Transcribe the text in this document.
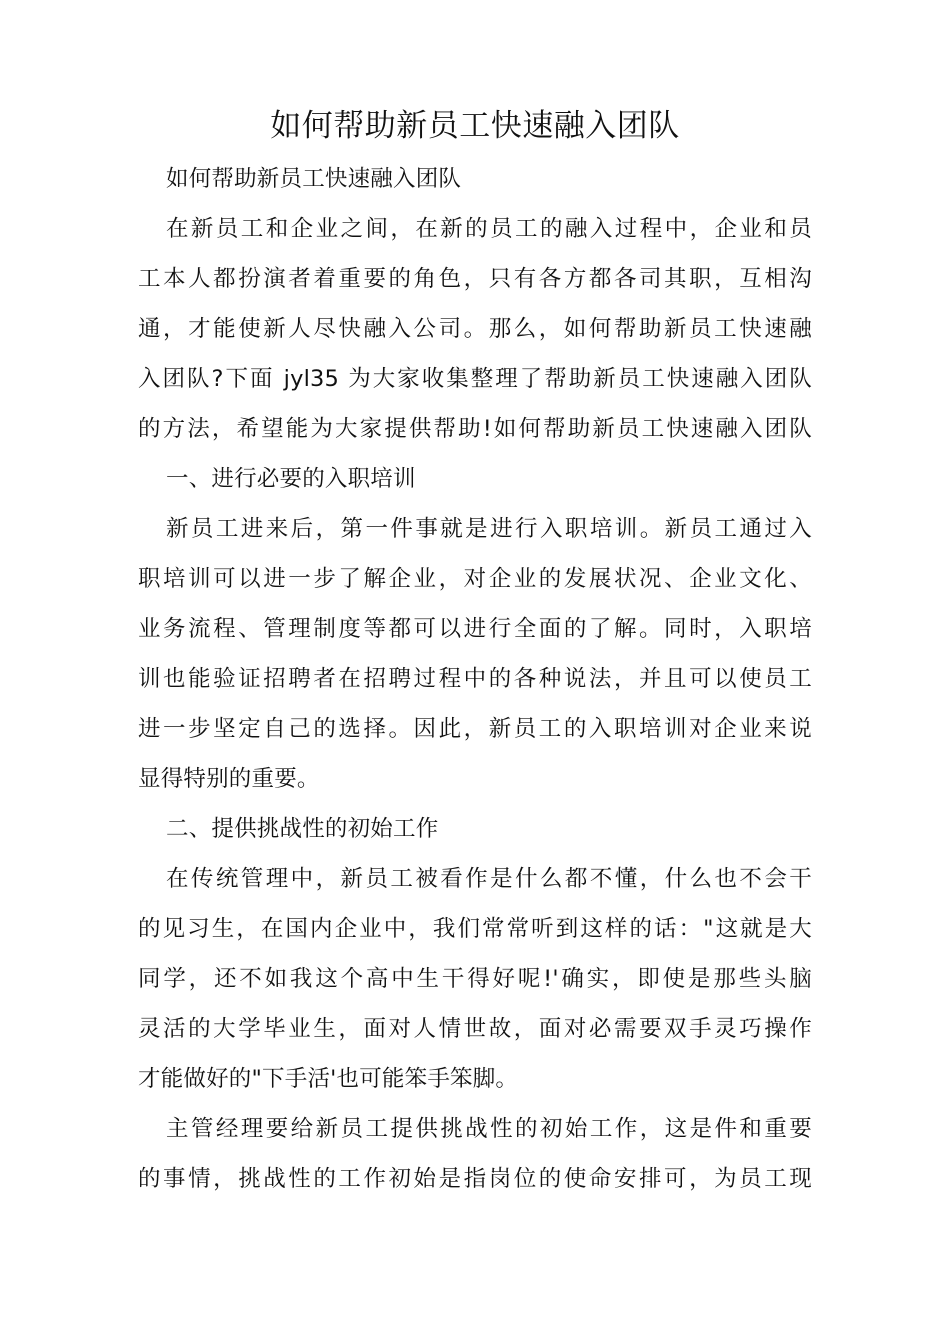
如何帮助新员工快速融入团队
如何帮助新员工快速融入团队
在新员工和企业之间，在新的员工的融入过程中，企业和员
工本人都扮演者着重要的角色，只有各方都各司其职，互相沟
通，才能使新人尽快融入公司。那么，如何帮助新员工快速融
入团队?下面 jyl35 为大家收集整理了帮助新员工快速融入团队
的方法，希望能为大家提供帮助!如何帮助新员工快速融入团队
一、进行必要的入职培训
新员工进来后，第一件事就是进行入职培训。新员工通过入
职培训可以进一步了解企业，对企业的发展状况、企业文化、
业务流程、管理制度等都可以进行全面的了解。同时，入职培
训也能验证招聘者在招聘过程中的各种说法，并且可以使员工
进一步坚定自己的选择。因此，新员工的入职培训对企业来说
显得特别的重要。
二、提供挑战性的初始工作
在传统管理中，新员工被看作是什么都不懂，什么也不会干
的见习生，在国内企业中，我们常常听到这样的话："这就是大
同学，还不如我这个高中生干得好呢!'确实，即使是那些头脑
灵活的大学毕业生，面对人情世故，面对必需要双手灵巧操作
才能做好的"下手活'也可能笨手笨脚。
主管经理要给新员工提供挑战性的初始工作，这是件和重要
的事情，挑战性的工作初始是指岗位的使命安排可，为员工现
